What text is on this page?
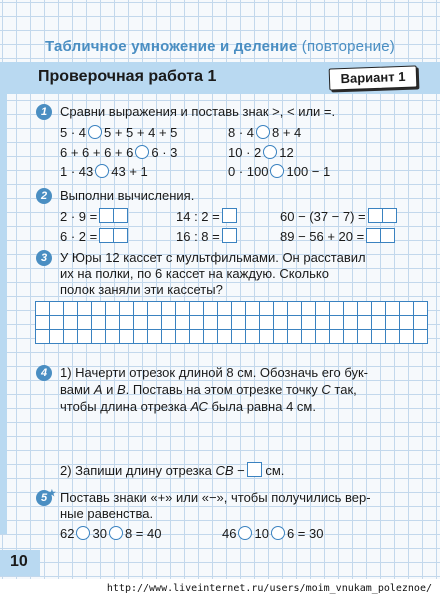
Табличное умножение и деление (повторение)
Проверочная работа 1	Вариант 1
1 Сравни выражения и поставь знак >, < или =.
5 · 4 5 + 5 + 4 + 5
6 + 6 + 6 + 6 6 · 3
1 · 43 43 + 1
8 · 4 8 + 4
10 · 2 12
0 · 100 100 − 1
2 Выполни вычисления.
2 · 9 =
6 · 2 =
14 : 2 =
16 : 8 =
60 − (37 − 7) =
89 − 56 + 20 =
3 У Юры 12 кассет с мультфильмами. Он расставил
их на полки, по 6 кассет на каждую. Сколько
полок заняли эти кассеты?
4 1) Начерти отрезок длиной 8 см. Обозначь его бук-
вами А и В. Поставь на этом отрезке точку С так,
чтобы длина отрезка АС была равна 4 см.
2) Запиши длину отрезка СВ − см.
5 ★ Поставь знаки «+» или «−», чтобы получились вер-
ные равенства.
62 30 8 = 40	46 10 6 = 30
10
http://www.liveinternet.ru/users/moim_vnukam_poleznoe/
